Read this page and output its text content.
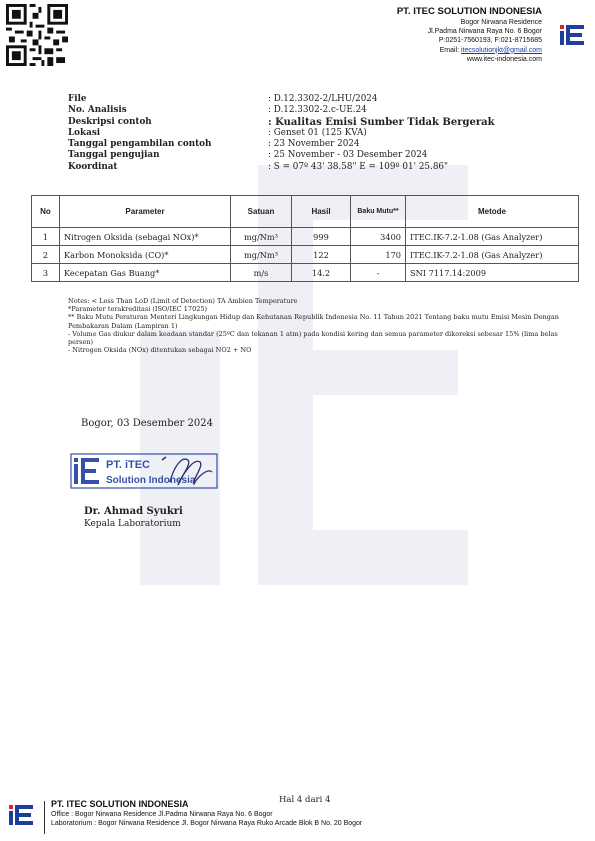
PT. ITEC SOLUTION INDONESIA
Bogor Nirwana Residence
Jl.Padma Nirwana Raya No. 6 Bogor
P:0251-7560193, F:021-8715685
Email: itecsolutionjkt@gmail.com
www.itec-indonesia.com
File	: D.12.3302-2/LHU/2024
No. Analisis	: D.12.3302-2.c-UE.24
Deskripsi contoh	: Kualitas Emisi Sumber Tidak Bergerak
Lokasi	: Genset 01 (125 KVA)
Tanggal pengambilan contoh	: 23 November 2024
Tanggal pengujian	: 25 November - 03 Desember 2024
Koordinat	: S = 07º 43' 38.58" E = 109º 01' 25.86"
No	Parameter	Satuan	Hasil	Baku Mutu**	Metode
1	Nitrogen Oksida (sebagai NOx)*	mg/Nm³	999	3400	ITEC.IK-7.2-1.08 (Gas Analyzer)
2	Karbon Monoksida (CO)*	mg/Nm³	122	170	ITEC.IK-7.2-1.08 (Gas Analyzer)
3	Kecepatan Gas Buang*	m/s	14.2	-	SNI 7117.14:2009
Notes: < Less Than LoD (Limit of Detection) TA Ambien Temperature
*Parameter terakreditasi (ISO/IEC 17025)
** Baku Mutu Peraturan Menteri Lingkungan Hidup dan Kehutanan Republik Indonesia No. 11 Tahun 2021 Tentang baku mutu Emisi Mesin Dengan Pembakaran Dalam (Lampiran 1)
- Volume Gas diukur dalam keadaan standar (25ºC dan tekanan 1 atm) pada kondisi kering dan semua parameter dikoreksi sebesar 15% (lima belas persen)
- Nitrogen Oksida (NOx) ditentukan sebagai NO2 + NO
Bogor, 03 Desember 2024
PT. iTEC
Solution Indonesia
Dr. Ahmad Syukri
Kepala Laboratorium
Hal 4 dari 4
PT. ITEC SOLUTION INDONESIA
Office : Bogor Nirwana Residence Jl.Padma Nirwana Raya No. 6 Bogor
Laboratorium : Bogor Nirwana Residence Jl. Bogor Nirwana Raya Ruko Arcade Blok B No. 20 Bogor
